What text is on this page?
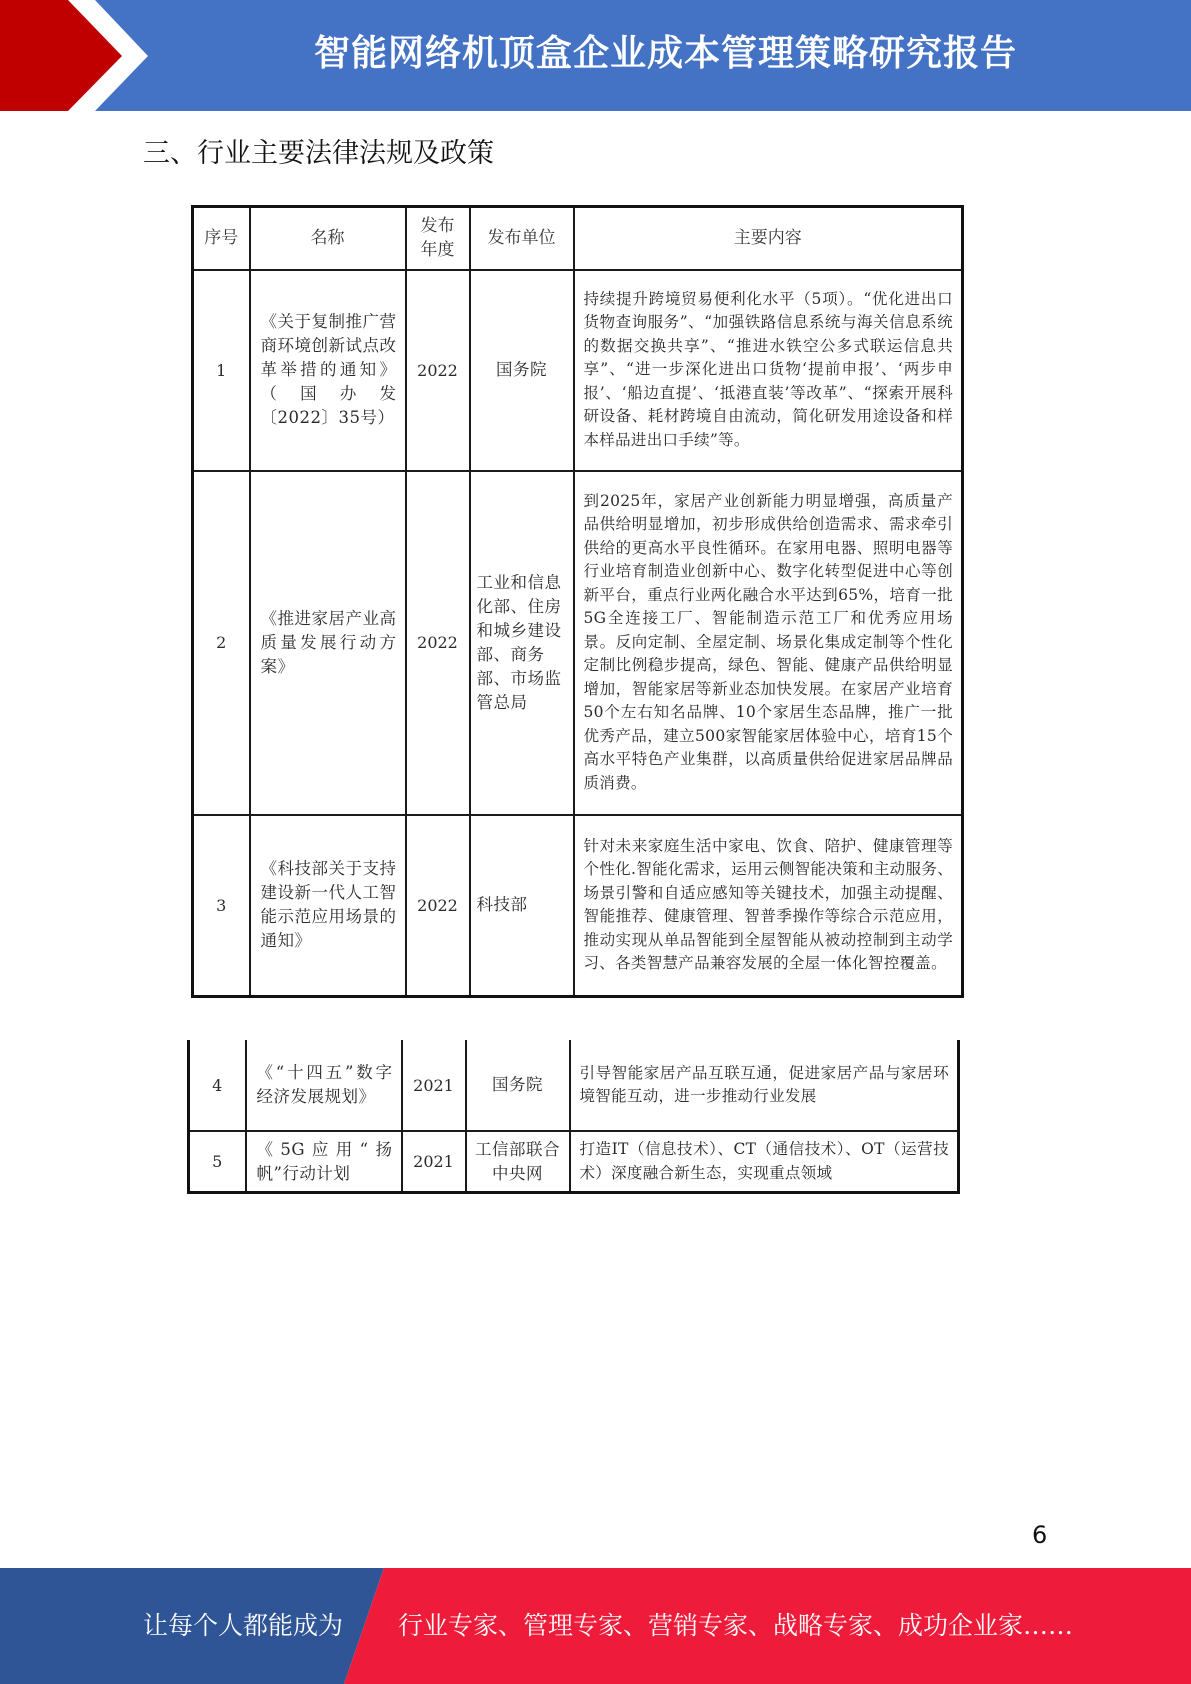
智能网络机顶盒企业成本管理策略研究报告
三、行业主要法律法规及政策
序号	名称	发布年度	发布单位	主要内容
1	《关于复制推广营商环境创新试点改革举措的通知》（国办发〔2022〕35号）	2022	国务院	持续提升跨境贸易便利化水平（5项）。“优化进出口货物查询服务”、“加强铁路信息系统与海关信息系统的数据交换共享”、“推进水铁空公多式联运信息共享”、“进一步深化进出口货物‘提前申报’、‘两步申报’、‘船边直提’、‘抵港直装’等改革”、“探索开展科研设备、耗材跨境自由流动，简化研发用途设备和样本样品进出口手续”等。
2	《推进家居产业高质量发展行动方案》	2022	工业和信息化部、住房和城乡建设部、商务部、市场监管总局	到2025年，家居产业创新能力明显增强，高质量产品供给明显增加，初步形成供给创造需求、需求牵引供给的更高水平良性循环。在家用电器、照明电器等行业培育制造业创新中心、数字化转型促进中心等创新平台，重点行业两化融合水平达到65%，培育一批5G全连接工厂、智能制造示范工厂和优秀应用场景。反向定制、全屋定制、场景化集成定制等个性化定制比例稳步提高，绿色、智能、健康产品供给明显增加，智能家居等新业态加快发展。在家居产业培育50个左右知名品牌、10个家居生态品牌，推广一批优秀产品，建立500家智能家居体验中心，培育15个高水平特色产业集群，以高质量供给促进家居品牌品质消费。
3	《科技部关于支持建设新一代人工智能示范应用场景的通知》	2022	科技部	针对未来家庭生活中家电、饮食、陪护、健康管理等个性化.智能化需求，运用云侧智能决策和主动服务、场景引警和自适应感知等关键技术，加强主动提醒、智能推荐、健康管理、智普季操作等综合示范应用，推动实现从单品智能到全屋智能从被动控制到主动学习、各类智慧产品兼容发展的全屋一体化智控覆盖。
4	《“十四五”数字经济发展规划》	2021	国务院	引导智能家居产品互联互通，促进家居产品与家居环境智能互动，进一步推动行业发展
5	《5G应用“扬帆”行动计划	2021	工信部联合中央网	打造IT（信息技术）、CT（通信技术）、OT（运营技术）深度融合新生态，实现重点领域
6
让每个人都能成为 行业专家、管理专家、营销专家、战略专家、成功企业家……
